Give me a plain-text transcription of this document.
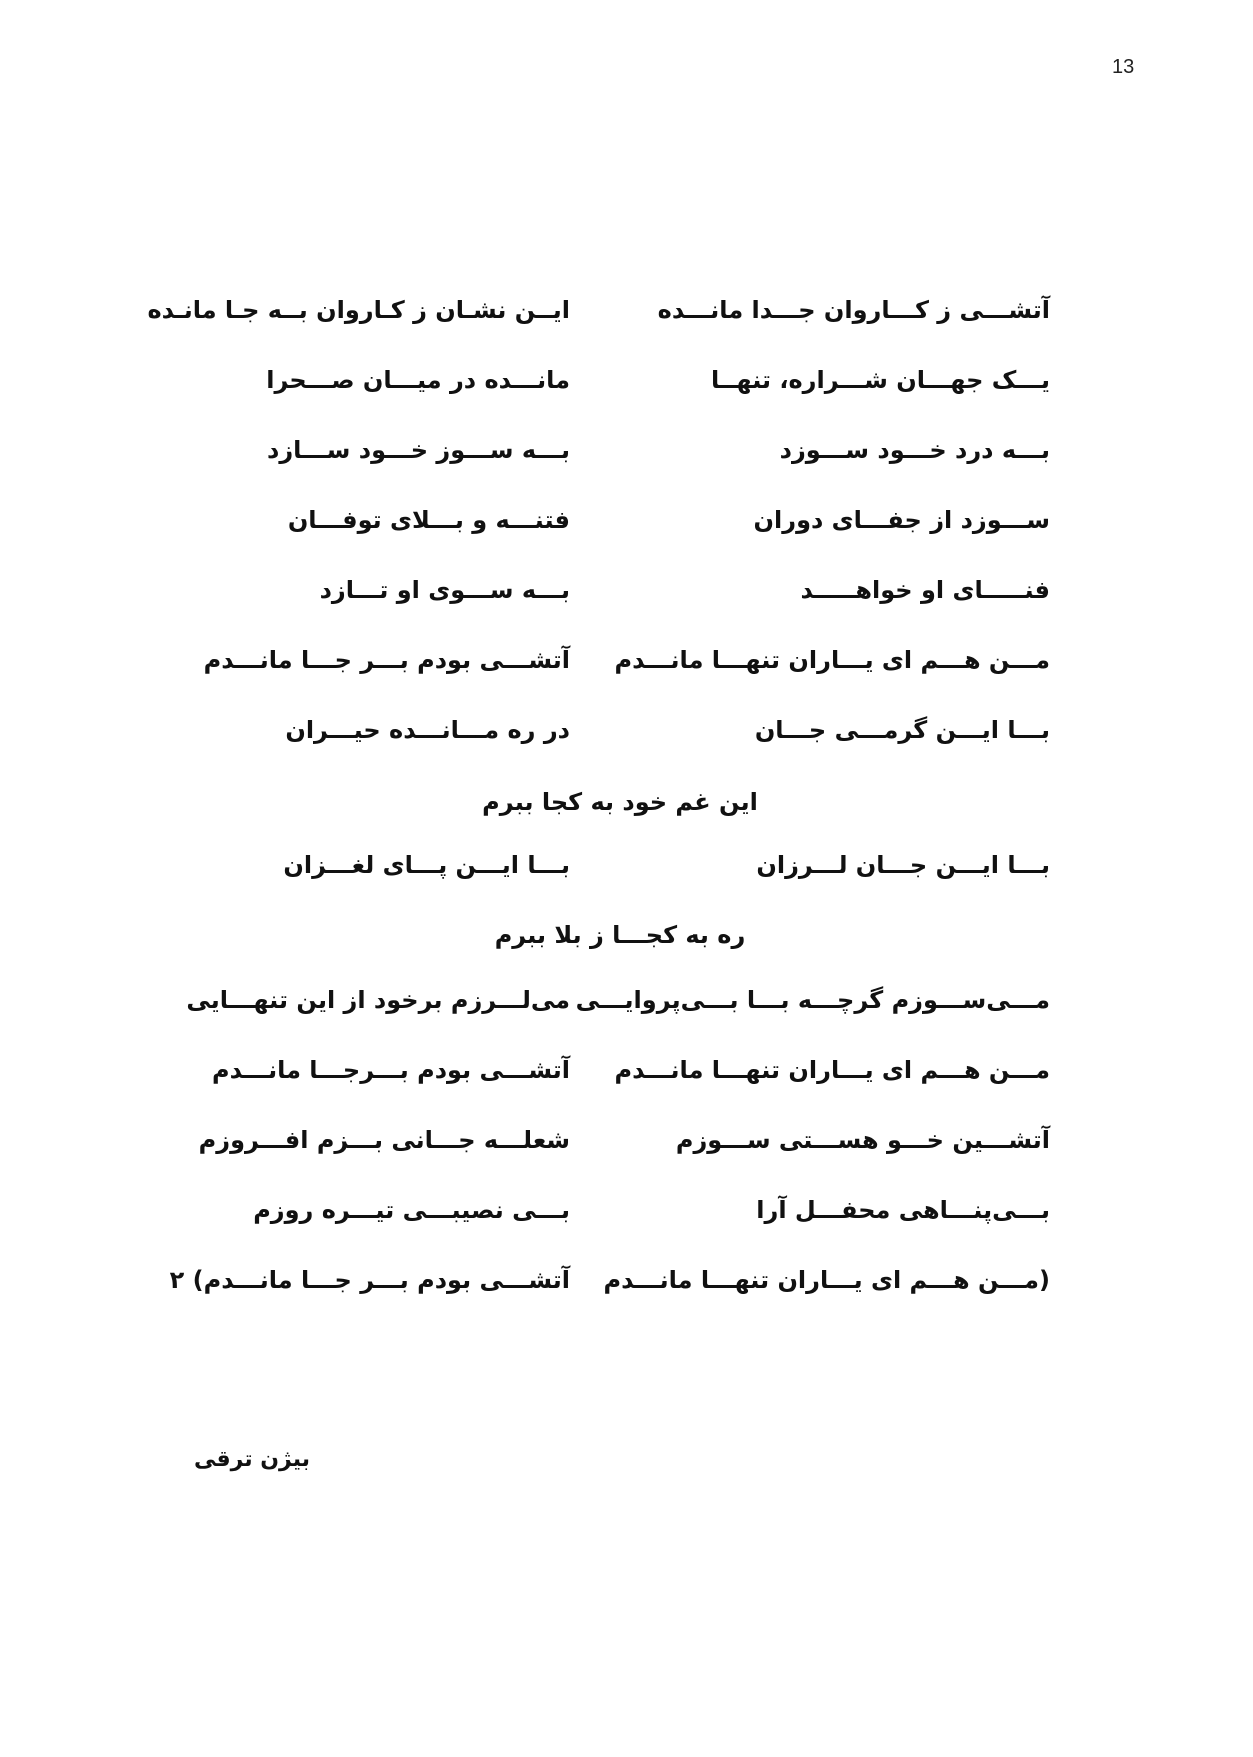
13
آتشـــی ز کـــاروان جـــدا مانـــده
ایــن نشـان ز کـاروان بــه جـا مانـده
یـــک جهـــان شـــراره، تنهــا
مانـــده در میـــان صـــحرا
بـــه درد خـــود ســـوزد
بـــه ســـوز خـــود ســـازد
ســـوزد از جفـــای دوران
فتنـــه و بـــلای توفـــان
فنـــــای او خواهـــــد
بـــه ســـوی او تـــازد
مـــن هـــم ای یـــاران تنهـــا مانـــدم
آتشـــی بودم بـــر جـــا مانـــدم
بـــا ایـــن گرمـــی جـــان
در ره مـــانـــده حیـــران
این غم خود به کجا ببرم
بـــا ایـــن جـــان لـــرزان
بـــا ایـــن پـــای لغـــزان
ره به کجـــا ز بلا ببرم
مـــی‌ســـوزم گرچـــه بـــا بـــی‌پروایـــی
می‌لـــرزم برخود از این تنهـــایی
مـــن هـــم ای یـــاران تنهـــا مانـــدم
آتشـــی بودم بـــرجـــا مانـــدم
آتشـــین خـــو هســـتی ســـوزم
شعلـــه جـــانی بـــزم افـــروزم
بـــی‌پنـــاهی محفـــل آرا
بـــی نصیبـــی تیـــره روزم
(مـــن هـــم ای یـــاران تنهـــا مانـــدم
آتشـــی بودم بـــر جـــا مانـــدم) ۲
بیژن ترقی
